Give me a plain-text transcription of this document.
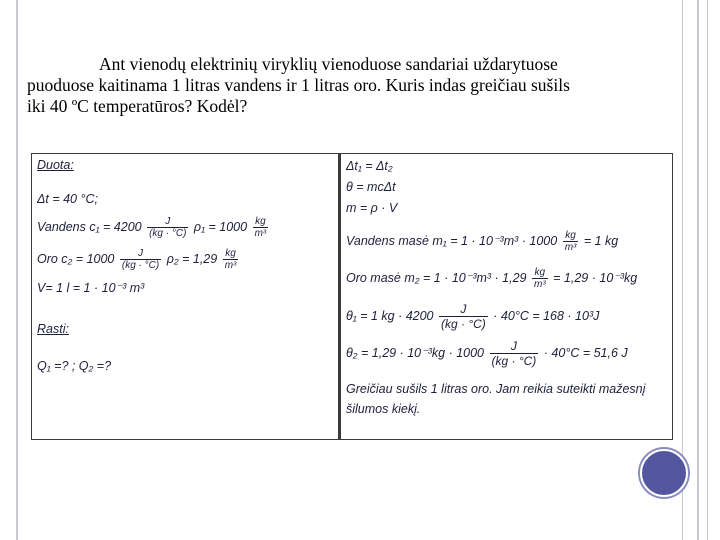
Ant vienodų elektrinių viryklių vienoduose sandariai uždarytuose
puoduose kaitinama 1 litras vandens ir 1 litras oro. Kuris indas greičiau sušils
iki 40 ºC temperatūros? Kodėl?
Duota:
Δt = 40 °C;
Vandens $c_1 = 4200 \frac{J}{(kg \cdot ^\circ C)} \rho_1 = 1000 \frac{kg}{\text{m³}}$
Oro $c_2 = 1000 \frac{J}{(kg \cdot ^\circ C)} \rho_2 = 1,29 \frac{kg}{\text{m³}}$
V= 1 l = 1 · 10⁻³ m³
Rasti:
Q₁ =? ; Q₂ =?
Δt₁ = Δt₂
θ = mcΔt
m = ρ · V
Vandens masė $m_1 = 1 \cdot 10^{-3}m^3 \cdot 1000 \frac{kg}{\text{m³}} = 1$ kg
Oro masė $m_2 = 1 \cdot 10^{-3}m^3 \cdot 1,29 \frac{kg}{\text{m³}} = 1,29 \cdot 10^{-3}kg$
θ₁ = 1 kg · $4200 \frac{J}{(kg \cdot ^\circ C)} \cdot 40^\circ C = 168 \cdot 10^3J$
$\theta_2 = 1,29 \cdot 10^{-3}kg \cdot 1000 \frac{J}{(kg \cdot ^\circ C)} \cdot 40^\circ C = 51,6$ J
Greičiau sušils 1 litras oro. Jam reikia suteikti mažesnį
šilumos kiekį.
